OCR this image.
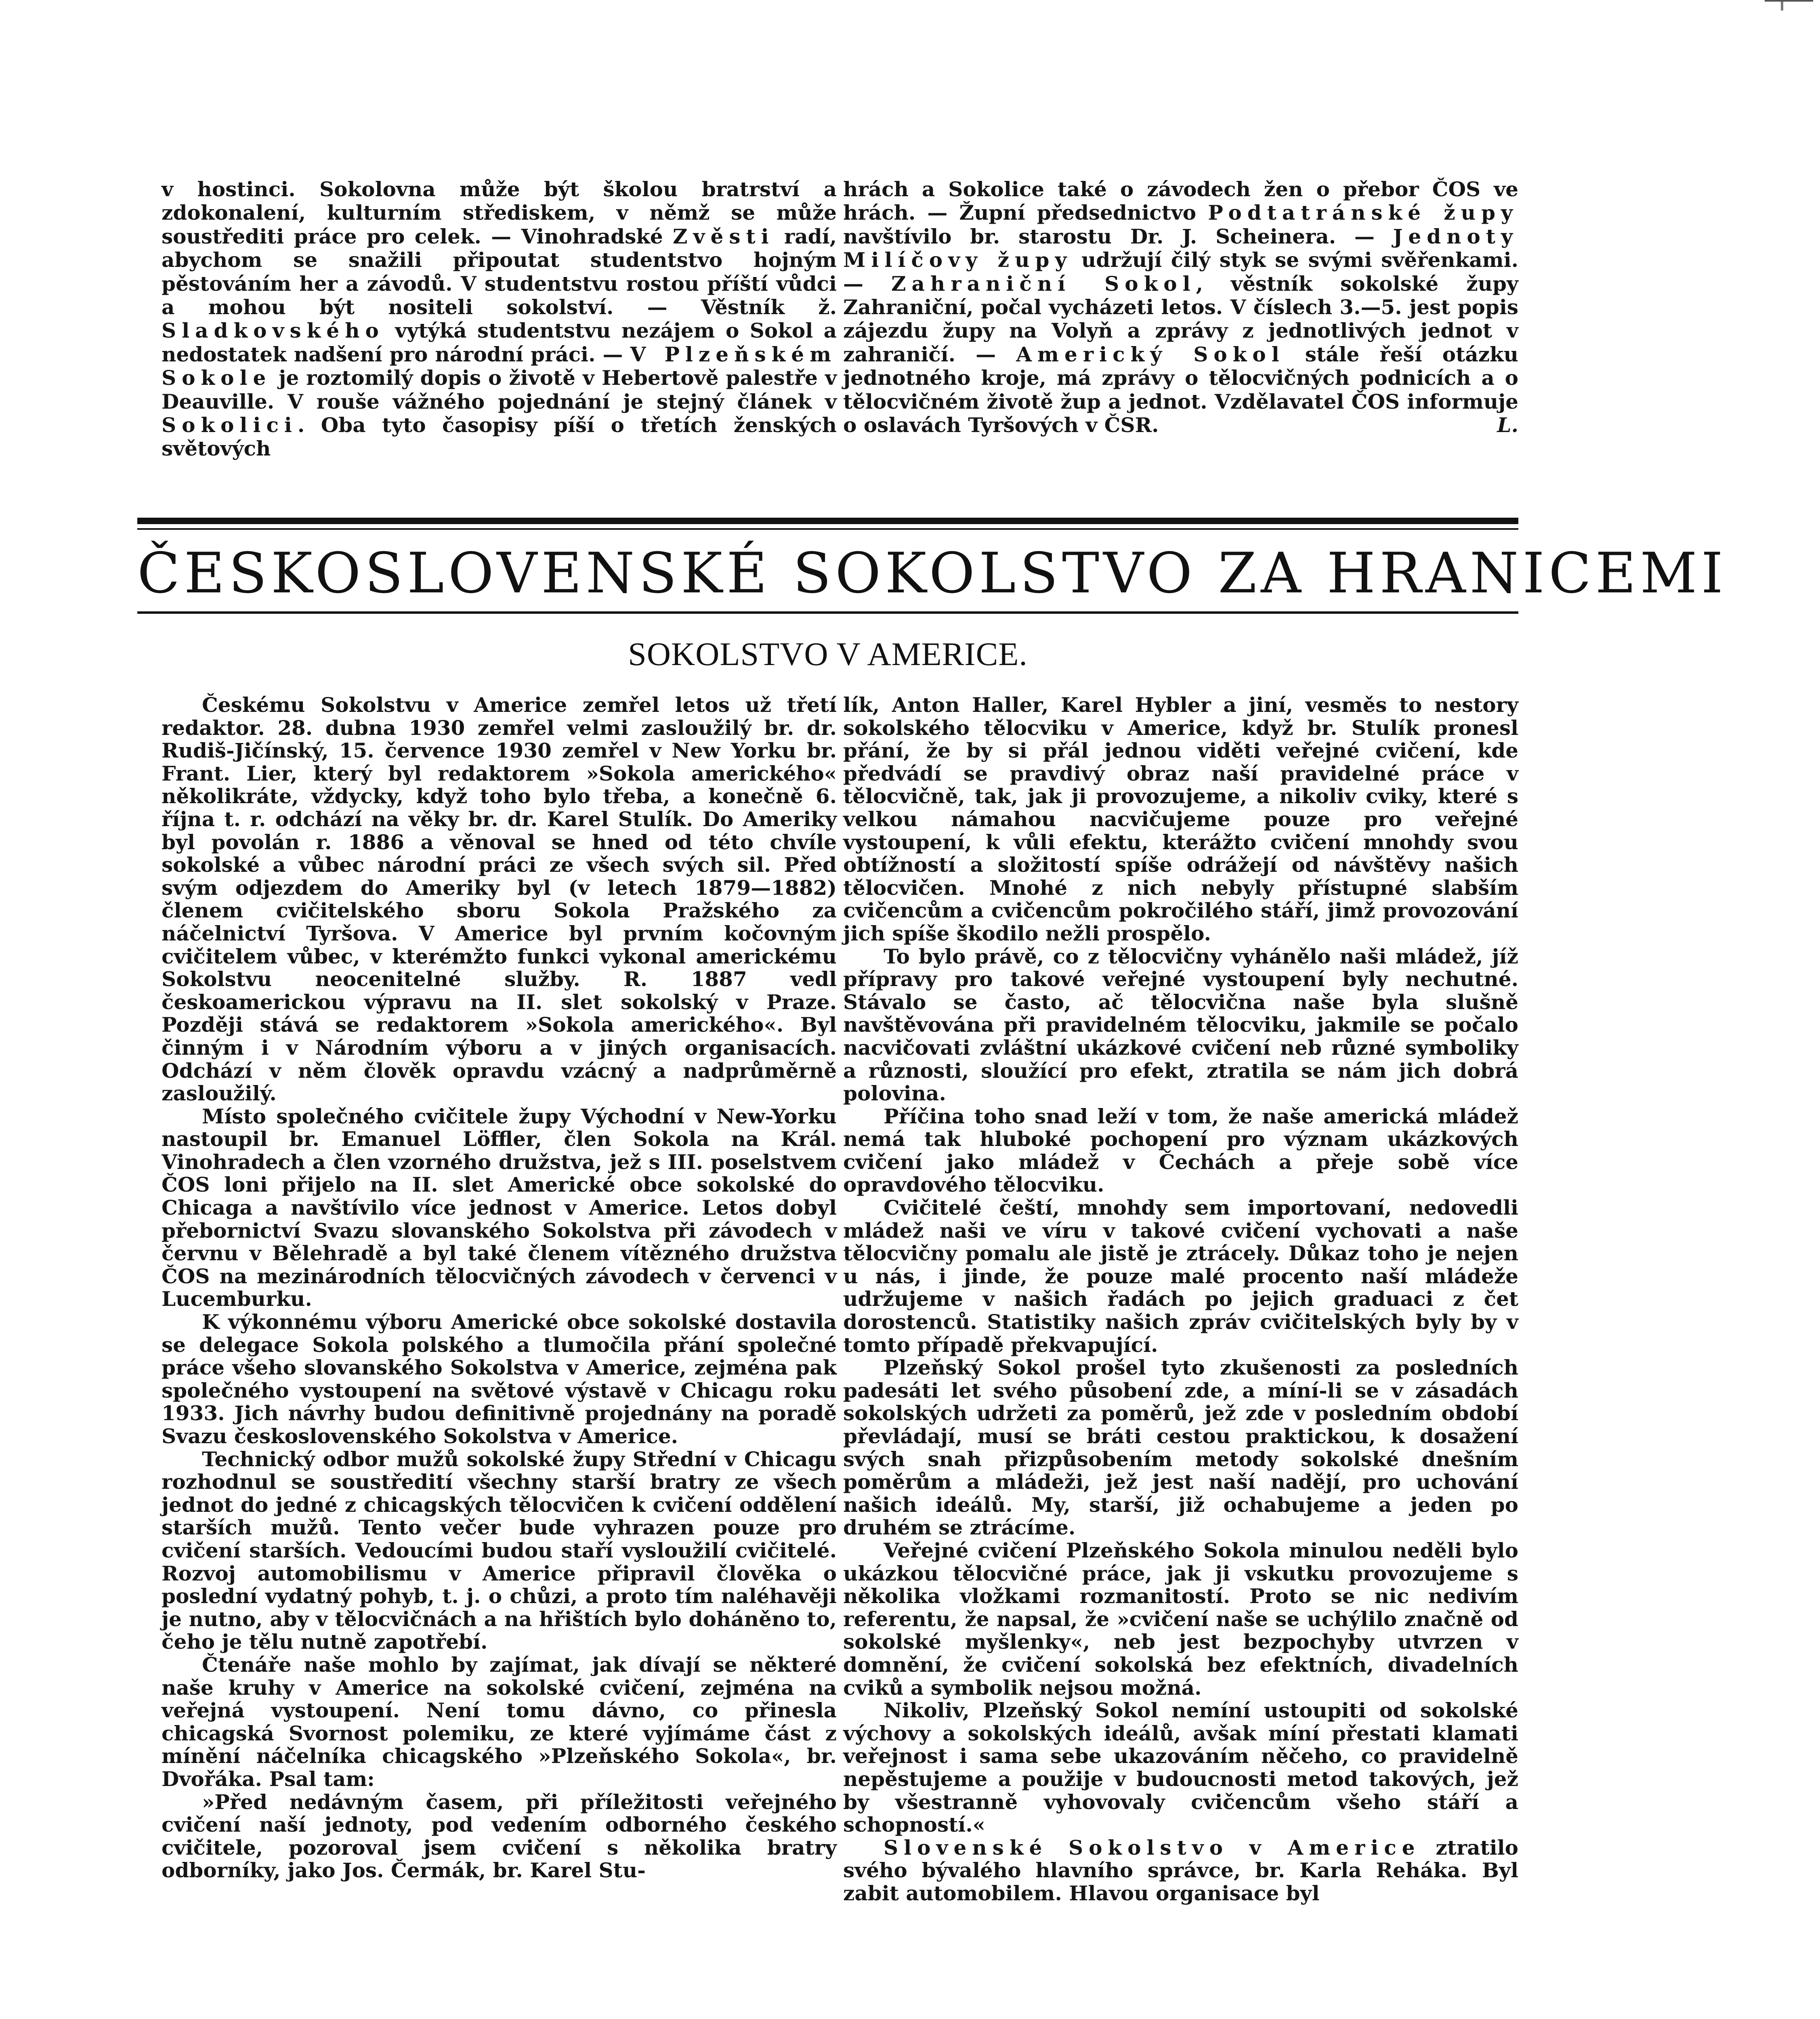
v hostinci. Sokolovna může být školou bratrství a zdokonalení, kulturním střediskem, v němž se může soustřediti práce pro celek. — Vinohradské Zvěsti radí, abychom se snažili připoutat studentstvo hojným pěstováním her a závodů. V studentstvu rostou příští vůdci a mohou být nositeli sokolství. — Věstník ž. Sladkovského vytýká studentstvu nezájem o Sokol a nedostatek nadšení pro národní práci. — V Plzeňském Sokole je roztomilý dopis o životě v Hebertově palestře v Deauville. V rouše vážného pojednání je stejný článek v Sokolici. Oba tyto časopisy píší o třetích ženských světových

hrách a Sokolice také o závodech žen o přebor ČOS ve hrách. — Župní předsednictvo Podtatránské župy navštívilo br. starostu Dr. J. Scheinera. — Jednoty Milíčovy župy udržují čilý styk se svými svěřenkami. — Zahraniční Sokol, věstník sokolské župy Zahraniční, počal vycházeti letos. V číslech 3.—5. jest popis zájezdu župy na Volyň a zprávy z jednotlivých jednot v zahraničí. — Americký Sokol stále řeší otázku jednotného kroje, má zprávy o tělocvičných podnicích a o tělocvičném životě žup a jednot. Vzdělavatel ČOS informuje o oslavách Tyršových v ČSR.	L.

ČESKOSLOVENSKÉ SOKOLSTVO ZA HRANICEMI
SOKOLSTVO V AMERICE.

Českému Sokolstvu v Americe zemřel letos už třetí redaktor. 28. dubna 1930 zemřel velmi zasloužilý br. dr. Rudiš-Jičínský, 15. července 1930 zemřel v New Yorku br. Frant. Lier, který byl redaktorem »Sokola amerického« několikráte, vždycky, když toho bylo třeba, a konečně 6. října t. r. odchází na věky br. dr. Karel Stulík. Do Ameriky byl povolán r. 1886 a věnoval se hned od této chvíle sokolské a vůbec národní práci ze všech svých sil. Před svým odjezdem do Ameriky byl (v letech 1879—1882) členem cvičitelského sboru Sokola Pražského za náčelnictví Tyršova. V Americe byl prvním kočovným cvičitelem vůbec, v kterémžto funkci vykonal americkému Sokolstvu neocenitelné služby. R. 1887 vedl českoamerickou výpravu na II. slet sokolský v Praze. Později stává se redaktorem »Sokola amerického«. Byl činným i v Národním výboru a v jiných organisacích. Odchází v něm člověk opravdu vzácný a nadprůměrně zasloužilý.

Místo společného cvičitele župy Východní v New-Yorku nastoupil br. Emanuel Löffler, člen Sokola na Král. Vinohradech a člen vzorného družstva, jež s III. poselstvem ČOS loni přijelo na II. slet Americké obce sokolské do Chicaga a navštívilo více jednost v Americe. Letos dobyl přebornictví Svazu slovanského Sokolstva při závodech v červnu v Bělehradě a byl také členem vítězného družstva ČOS na mezinárodních tělocvičných závodech v červenci v Lucemburku.

K výkonnému výboru Americké obce sokolské dostavila se delegace Sokola polského a tlumočila přání společné práce všeho slovanského Sokolstva v Americe, zejména pak společného vystoupení na světové výstavě v Chicagu roku 1933. Jich návrhy budou definitivně projednány na poradě Svazu československého Sokolstva v Americe.

Technický odbor mužů sokolské župy Střední v Chicagu rozhodnul se soustředití všechny starší bratry ze všech jednot do jedné z chicagských tělocvičen k cvičení oddělení starších mužů. Tento večer bude vyhrazen pouze pro cvičení starších. Vedoucími budou staří vysloužilí cvičitelé. Rozvoj automobilismu v Americe připravil člověka o poslední vydatný pohyb, t. j. o chůzi, a proto tím naléhavěji je nutno, aby v tělocvičnách a na hřištích bylo doháněno to, čeho je tělu nutně zapotřebí.

Čtenáře naše mohlo by zajímat, jak dívají se některé naše kruhy v Americe na sokolské cvičení, zejména na veřejná vystoupení. Není tomu dávno, co přinesla chicagská Svornost polemiku, ze které vyjímáme část z mínění náčelníka chicagského »Plzeňského Sokola«, br. Dvořáka. Psal tam:

»Před nedávným časem, při příležitosti veřejného cvičení naší jednoty, pod vedením odborného českého cvičitele, pozoroval jsem cvičení s několika bratry odborníky, jako Jos. Čermák, br. Karel Stu-

lík, Anton Haller, Karel Hybler a jiní, vesměs to nestory sokolského tělocviku v Americe, když br. Stulík pronesl přání, že by si přál jednou viděti veřejné cvičení, kde předvádí se pravdivý obraz naší pravidelné práce v tělocvičně, tak, jak ji provozujeme, a nikoliv cviky, které s velkou námahou nacvičujeme pouze pro veřejné vystoupení, k vůli efektu, kterážto cvičení mnohdy svou obtížností a složitostí spíše odrážejí od návštěvy našich tělocvičen. Mnohé z nich nebyly přístupné slabším cvičencům a cvičencům pokročilého stáří, jimž provozování jich spíše škodilo nežli prospělo.

To bylo právě, co z tělocvičny vyhánělo naši mládež, jíž přípravy pro takové veřejné vystoupení byly nechutné. Stávalo se často, ač tělocvična naše byla slušně navštěvována při pravidelném tělocviku, jakmile se počalo nacvičovati zvláštní ukázkové cvičení neb různé symboliky a různosti, sloužící pro efekt, ztratila se nám jich dobrá polovina.

Příčina toho snad leží v tom, že naše americká mládež nemá tak hluboké pochopení pro význam ukázkových cvičení jako mládež v Čechách a přeje sobě více opravdového tělocviku.

Cvičitelé čeští, mnohdy sem importovaní, nedovedli mládež naši ve víru v takové cvičení vychovati a naše tělocvičny pomalu ale jistě je ztrácely. Důkaz toho je nejen u nás, i jinde, že pouze malé procento naší mládeže udržujeme v našich řadách po jejich graduaci z čet dorostenců. Statistiky našich zpráv cvičitelských byly by v tomto případě překvapující.

Plzeňský Sokol prošel tyto zkušenosti za posledních padesáti let svého působení zde, a míní-li se v zásadách sokolských udržeti za poměrů, jež zde v posledním období převládají, musí se bráti cestou praktickou, k dosažení svých snah přizpůsobením metody sokolské dnešním poměrům a mládeži, jež jest naší nadějí, pro uchování našich ideálů. My, starší, již ochabujeme a jeden po druhém se ztrácíme.

Veřejné cvičení Plzeňského Sokola minulou neděli bylo ukázkou tělocvičné práce, jak ji vskutku provozujeme s několika vložkami rozmanitostí. Proto se nic nedivím referentu, že napsal, že »cvičení naše se uchýlilo značně od sokolské myšlenky«, neb jest bezpochyby utvrzen v domnění, že cvičení sokolská bez efektních, divadelních cviků a symbolik nejsou možná.

Nikoliv, Plzeňský Sokol nemíní ustoupiti od sokolské výchovy a sokolských ideálů, avšak míní přestati klamati veřejnost i sama sebe ukazováním něčeho, co pravidelně nepěstujeme a použije v budoucnosti metod takových, jež by všestranně vyhovovaly cvičencům všeho stáří a schopností.«

Slovenské Sokolstvo v Americe ztratilo svého bývalého hlavního správce, br. Karla Reháka. Byl zabit automobilem. Hlavou organisace byl
